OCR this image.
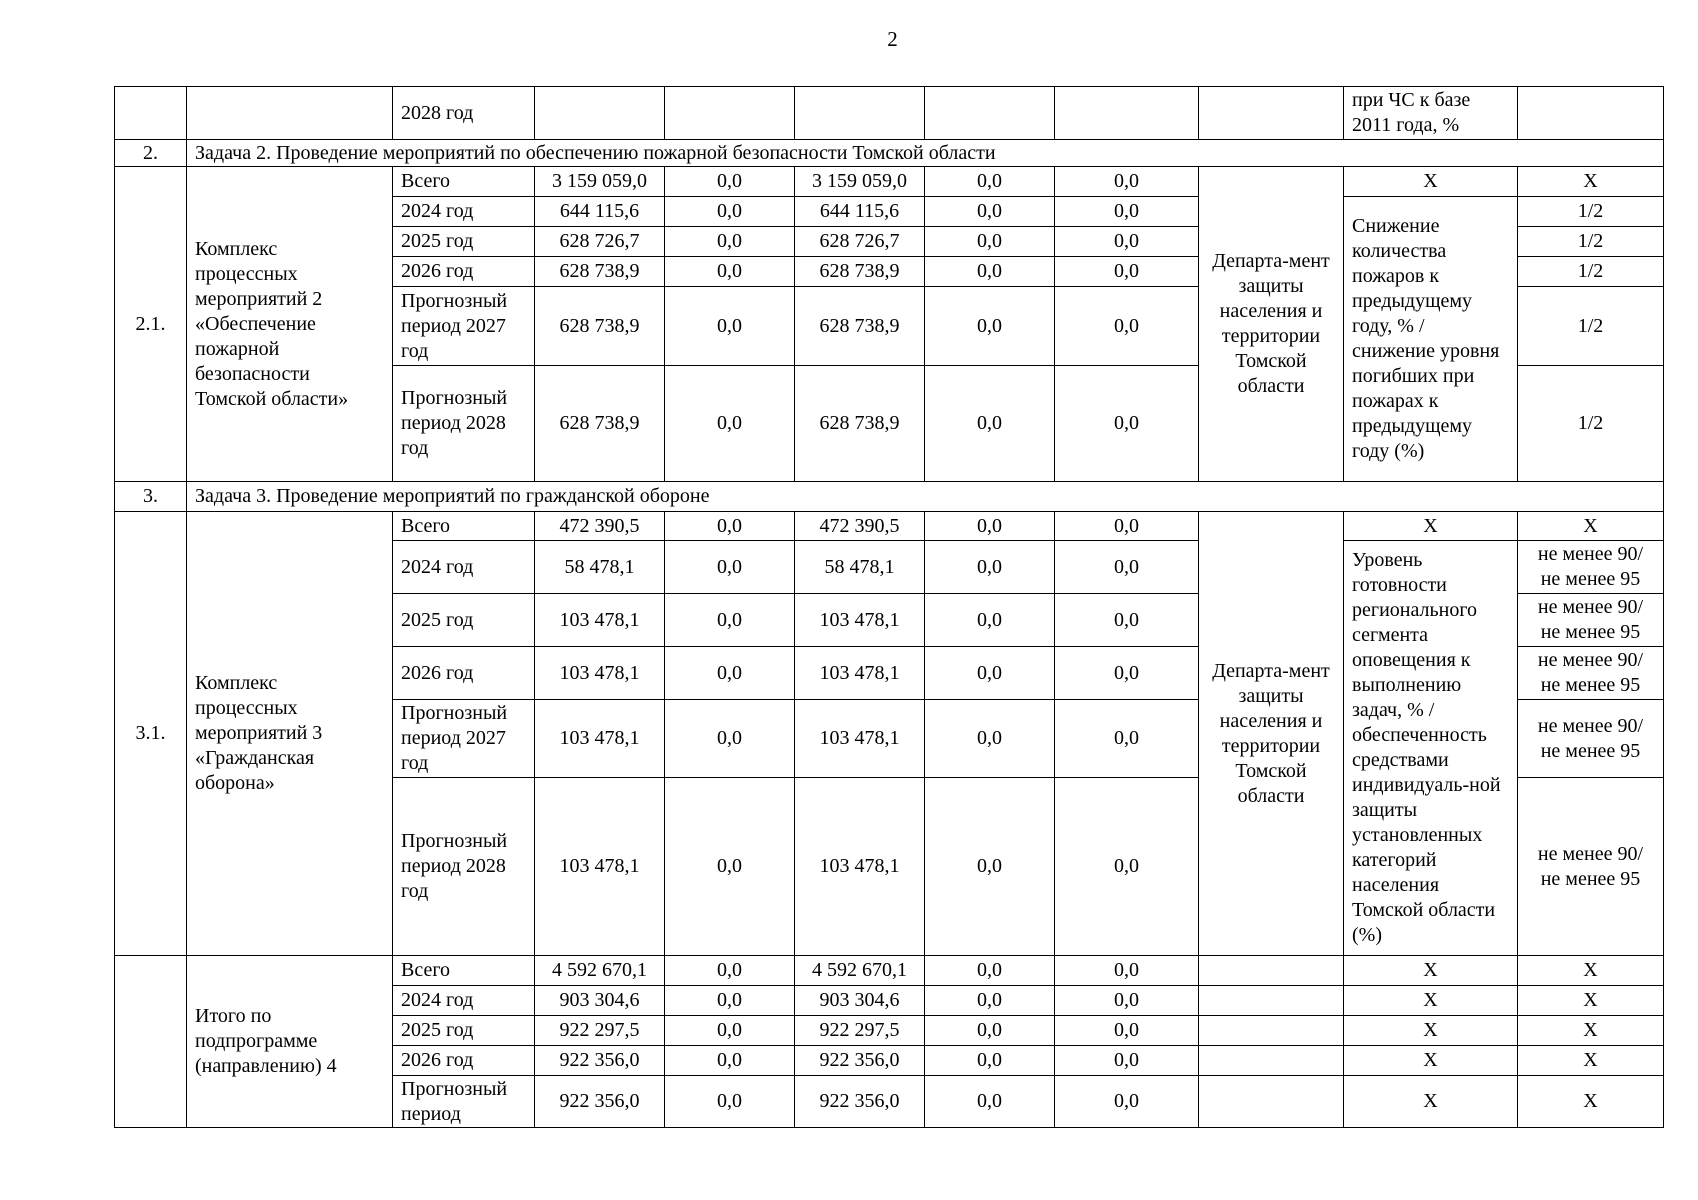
2
		2028 год							при ЧС к базе 2011 года, %	
2.	Задача 2. Проведение мероприятий по обеспечению пожарной безопасности Томской области									
2.1.	Комплекс процессных мероприятий 2 «Обеспечение пожарной безопасности Томской области»	Всего	3 159 059,0	0,0	3 159 059,0	0,0	0,0	Департа-мент защиты населения и территории Томской области	X	X
		2024 год	644 115,6	0,0	644 115,6	0,0	0,0		Снижение количества пожаров к предыдущему году, % / снижение уровня погибших при пожарах к предыдущему году (%)	1/2
		2025 год	628 726,7	0,0	628 726,7	0,0	0,0			1/2
		2026 год	628 738,9	0,0	628 738,9	0,0	0,0			1/2
		Прогнозный период 2027 год	628 738,9	0,0	628 738,9	0,0	0,0			1/2
		Прогнозный период 2028 год	628 738,9	0,0	628 738,9	0,0	0,0			1/2
3.	Задача 3. Проведение мероприятий по гражданской обороне									
3.1.	Комплекс процессных мероприятий 3 «Гражданская оборона»	Всего	472 390,5	0,0	472 390,5	0,0	0,0	Департа-мент защиты населения и территории Томской области	X	X
		2024 год	58 478,1	0,0	58 478,1	0,0	0,0		Уровень готовности регионального сегмента оповещения к выполнению задач, % / обеспеченность средствами индивидуаль-ной защиты установленных категорий населения Томской области (%)	не менее 90/ не менее 95
		2025 год	103 478,1	0,0	103 478,1	0,0	0,0			не менее 90/ не менее 95
		2026 год	103 478,1	0,0	103 478,1	0,0	0,0			не менее 90/ не менее 95
		Прогнозный период 2027 год	103 478,1	0,0	103 478,1	0,0	0,0			не менее 90/ не менее 95
		Прогнозный период 2028 год	103 478,1	0,0	103 478,1	0,0	0,0			не менее 90/ не менее 95
	Итого по подпрограмме (направлению) 4	Всего	4 592 670,1	0,0	4 592 670,1	0,0	0,0		X	X
		2024 год	903 304,6	0,0	903 304,6	0,0	0,0		X	X
		2025 год	922 297,5	0,0	922 297,5	0,0	0,0		X	X
		2026 год	922 356,0	0,0	922 356,0	0,0	0,0		X	X
		Прогнозный период	922 356,0	0,0	922 356,0	0,0	0,0		X	X
